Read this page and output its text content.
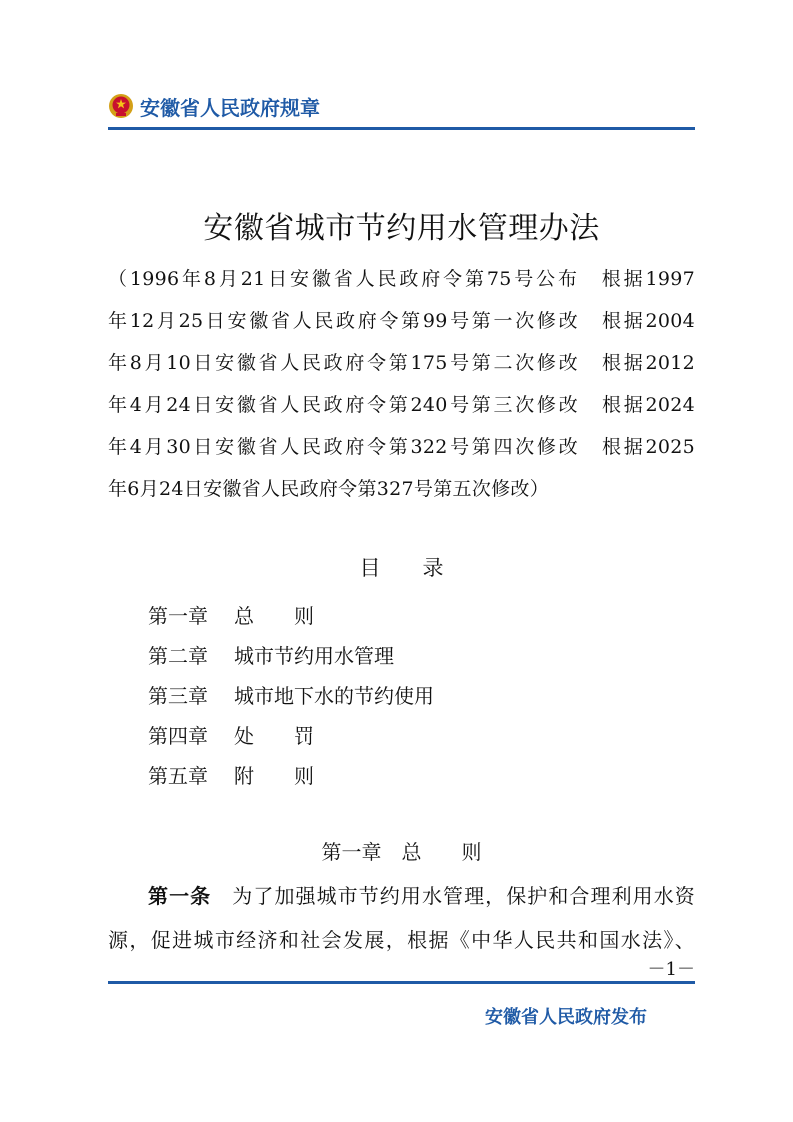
安徽省人民政府规章
安徽省城市节约用水管理办法
（1996年8月21日安徽省人民政府令第75号公布　根据1997
年12月25日安徽省人民政府令第99号第一次修改　根据2004
年8月10日安徽省人民政府令第175号第二次修改　根据2012
年4月24日安徽省人民政府令第240号第三次修改　根据2024
年4月30日安徽省人民政府令第322号第四次修改　根据2025
年6月24日安徽省人民政府令第327号第五次修改）
目　　录
第一章 总　　则
第二章 城市节约用水管理
第三章 城市地下水的节约使用
第四章 处　　罚
第五章 附　　则
第一章　总　　则
第一条　 为了加强城市节约用水管理，保护和合理利用水资
源，促进城市经济和社会发展，根据《中华人民共和国水法》、
－1－
安徽省人民政府发布
